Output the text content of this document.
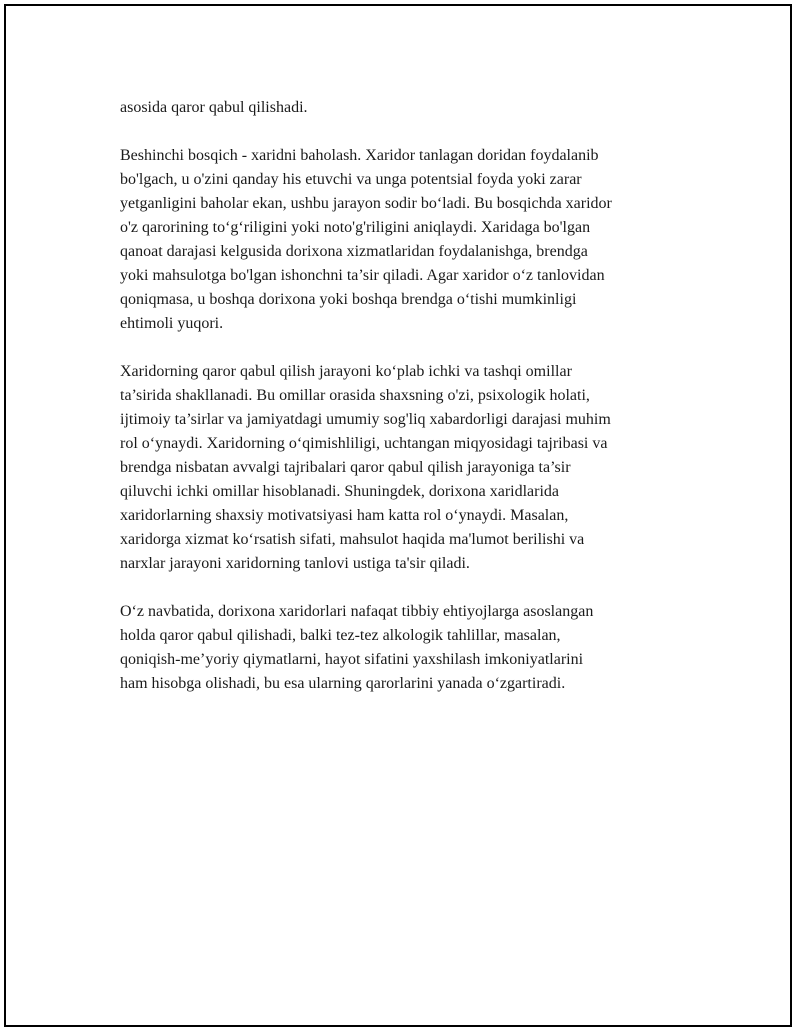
asosida qaror qabul qilishadi.

Beshinchi bosqich - xaridni baholash. Xaridor tanlagan doridan foydalanib
bo'lgach, u o'zini qanday his etuvchi va unga potentsial foyda yoki zarar
yetganligini baholar ekan, ushbu jarayon sodir bo‘ladi. Bu bosqichda xaridor
o'z qarorining to‘g‘riligini yoki noto'g'riligini aniqlaydi. Xaridaga bo'lgan
qanoat darajasi kelgusida dorixona xizmatlaridan foydalanishga, brendga
yoki mahsulotga bo'lgan ishonchni ta’sir qiladi. Agar xaridor o‘z tanlovidan
qoniqmasa, u boshqa dorixona yoki boshqa brendga o‘tishi mumkinligi
ehtimoli yuqori.

Xaridorning qaror qabul qilish jarayoni ko‘plab ichki va tashqi omillar
ta’sirida shakllanadi. Bu omillar orasida shaxsning o'zi, psixologik holati,
ijtimoiy ta’sirlar va jamiyatdagi umumiy sog'liq xabardorligi darajasi muhim
rol o‘ynaydi. Xaridorning o‘qimishliligi, uchtangan miqyosidagi tajribasi va
brendga nisbatan avvalgi tajribalari qaror qabul qilish jarayoniga ta’sir
qiluvchi ichki omillar hisoblanadi. Shuningdek, dorixona xaridlarida
xaridorlarning shaxsiy motivatsiyasi ham katta rol o‘ynaydi. Masalan,
xaridorga xizmat ko‘rsatish sifati, mahsulot haqida ma'lumot berilishi va
narxlar jarayoni xaridorning tanlovi ustiga ta'sir qiladi.

O‘z navbatida, dorixona xaridorlari nafaqat tibbiy ehtiyojlarga asoslangan
holda qaror qabul qilishadi, balki tez-tez alkologik tahlillar, masalan,
qoniqish-me’yoriy qiymatlarni, hayot sifatini yaxshilash imkoniyatlarini
ham hisobga olishadi, bu esa ularning qarorlarini yanada o‘zgartiradi.
